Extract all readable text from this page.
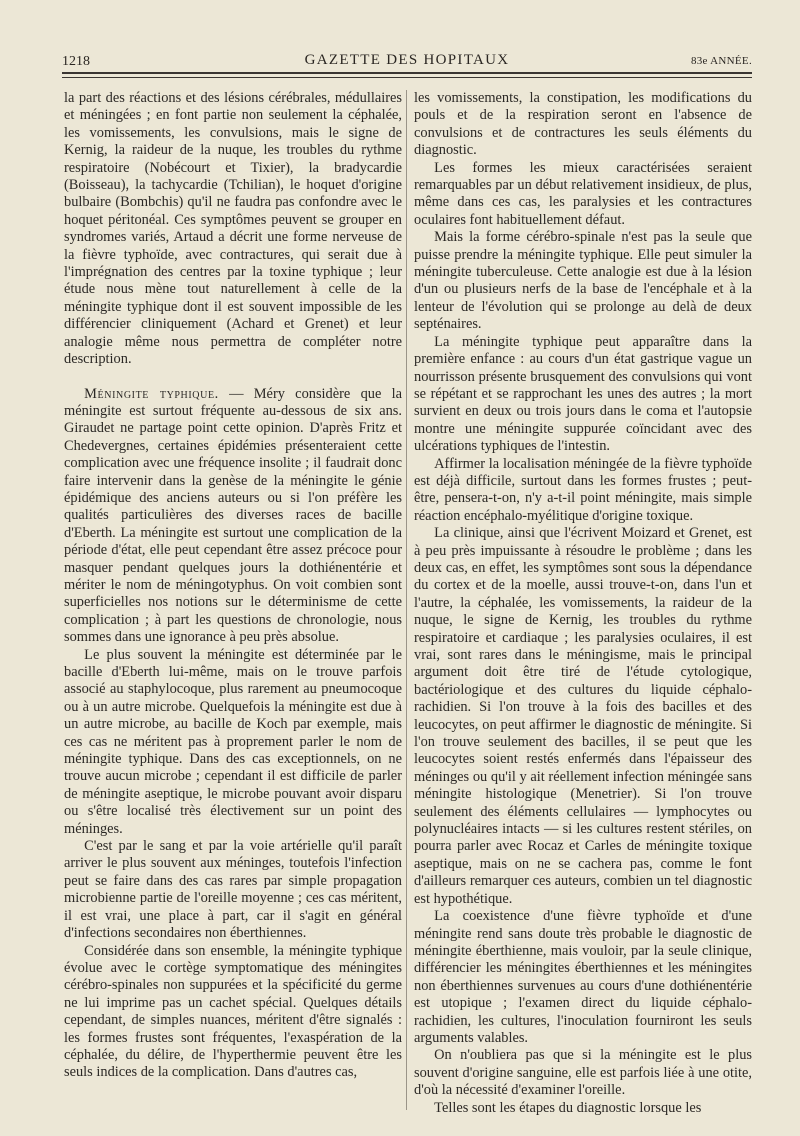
1218	GAZETTE DES HOPITAUX	83e ANNÉE.

la part des réactions et des lésions cérébrales, médullaires et méningées ; en font partie non seulement la céphalée, les vomissements, les convulsions, mais le signe de Kernig, la raideur de la nuque, les troubles du rythme respiratoire (Nobécourt et Tixier), la bradycardie (Boisseau), la tachycardie (Tchilian), le hoquet d'origine bulbaire (Bombchis) qu'il ne faudra pas confondre avec le hoquet péritonéal. Ces symptômes peuvent se grouper en syndromes variés, Artaud a décrit une forme nerveuse de la fièvre typhoïde, avec contractures, qui serait due à l'imprégnation des centres par la toxine typhique ; leur étude nous mène tout naturellement à celle de la méningite typhique dont il est souvent impossible de les différencier cliniquement (Achard et Grenet) et leur analogie même nous permettra de compléter notre description.

Méningite typhique. — Méry considère que la méningite est surtout fréquente au-dessous de six ans. Giraudet ne partage point cette opinion. D'après Fritz et Chedevergnes, certaines épidémies présenteraient cette complication avec une fréquence insolite ; il faudrait donc faire intervenir dans la genèse de la méningite le génie épidémique des anciens auteurs ou si l'on préfère les qualités particulières des diverses races de bacille d'Eberth. La méningite est surtout une complication de la période d'état, elle peut cependant être assez précoce pour masquer pendant quelques jours la dothiénentérie et mériter le nom de méningotyphus. On voit combien sont superficielles nos notions sur le déterminisme de cette complication ; à part les questions de chronologie, nous sommes dans une ignorance à peu près absolue.

Le plus souvent la méningite est déterminée par le bacille d'Eberth lui-même, mais on le trouve parfois associé au staphylocoque, plus rarement au pneumocoque ou à un autre microbe. Quelquefois la méningite est due à un autre microbe, au bacille de Koch par exemple, mais ces cas ne méritent pas à proprement parler le nom de méningite typhique. Dans des cas exceptionnels, on ne trouve aucun microbe ; cependant il est difficile de parler de méningite aseptique, le microbe pouvant avoir disparu ou s'être localisé très électivement sur un point des méninges.

C'est par le sang et par la voie artérielle qu'il paraît arriver le plus souvent aux méninges, toutefois l'infection peut se faire dans des cas rares par simple propagation microbienne partie de l'oreille moyenne ; ces cas méritent, il est vrai, une place à part, car il s'agit en général d'infections secondaires non éberthiennes.

Considérée dans son ensemble, la méningite typhique évolue avec le cortège symptomatique des méningites cérébro-spinales non suppurées et la spécificité du germe ne lui imprime pas un cachet spécial. Quelques détails cependant, de simples nuances, méritent d'être signalés : les formes frustes sont fréquentes, l'exaspération de la céphalée, du délire, de l'hyperthermie peuvent être les seuls indices de la complication. Dans d'autres cas,

les vomissements, la constipation, les modifications du pouls et de la respiration seront en l'absence de convulsions et de contractures les seuls éléments du diagnostic.

Les formes les mieux caractérisées seraient remarquables par un début relativement insidieux, de plus, même dans ces cas, les paralysies et les contractures oculaires font habituellement défaut.

Mais la forme cérébro-spinale n'est pas la seule que puisse prendre la méningite typhique. Elle peut simuler la méningite tuberculeuse. Cette analogie est due à la lésion d'un ou plusieurs nerfs de la base de l'encéphale et à la lenteur de l'évolution qui se prolonge au delà de deux septénaires.

La méningite typhique peut apparaître dans la première enfance : au cours d'un état gastrique vague un nourrisson présente brusquement des convulsions qui vont se répétant et se rapprochant les unes des autres ; la mort survient en deux ou trois jours dans le coma et l'autopsie montre une méningite suppurée coïncidant avec des ulcérations typhiques de l'intestin.

Affirmer la localisation méningée de la fièvre typhoïde est déjà difficile, surtout dans les formes frustes ; peut-être, pensera-t-on, n'y a-t-il point méningite, mais simple réaction encéphalo-myélitique d'origine toxique.

La clinique, ainsi que l'écrivent Moizard et Grenet, est à peu près impuissante à résoudre le problème ; dans les deux cas, en effet, les symptômes sont sous la dépendance du cortex et de la moelle, aussi trouve-t-on, dans l'un et l'autre, la céphalée, les vomissements, la raideur de la nuque, le signe de Kernig, les troubles du rythme respiratoire et cardiaque ; les paralysies oculaires, il est vrai, sont rares dans le méningisme, mais le principal argument doit être tiré de l'étude cytologique, bactériologique et des cultures du liquide céphalo-rachidien. Si l'on trouve à la fois des bacilles et des leucocytes, on peut affirmer le diagnostic de méningite. Si l'on trouve seulement des bacilles, il se peut que les leucocytes soient restés enfermés dans l'épaisseur des méninges ou qu'il y ait réellement infection méningée sans méningite histologique (Menetrier). Si l'on trouve seulement des éléments cellulaires — lymphocytes ou polynucléaires intacts — si les cultures restent stériles, on pourra parler avec Rocaz et Carles de méningite toxique aseptique, mais on ne se cachera pas, comme le font d'ailleurs remarquer ces auteurs, combien un tel diagnostic est hypothétique.

La coexistence d'une fièvre typhoïde et d'une méningite rend sans doute très probable le diagnostic de méningite éberthienne, mais vouloir, par la seule clinique, différencier les méningites éberthiennes et les méningites non éberthiennes survenues au cours d'une dothiénentérie est utopique ; l'examen direct du liquide céphalo-rachidien, les cultures, l'inoculation fourniront les seuls arguments valables.

On n'oubliera pas que si la méningite est le plus souvent d'origine sanguine, elle est parfois liée à une otite, d'où la nécessité d'examiner l'oreille.

Telles sont les étapes du diagnostic lorsque les
